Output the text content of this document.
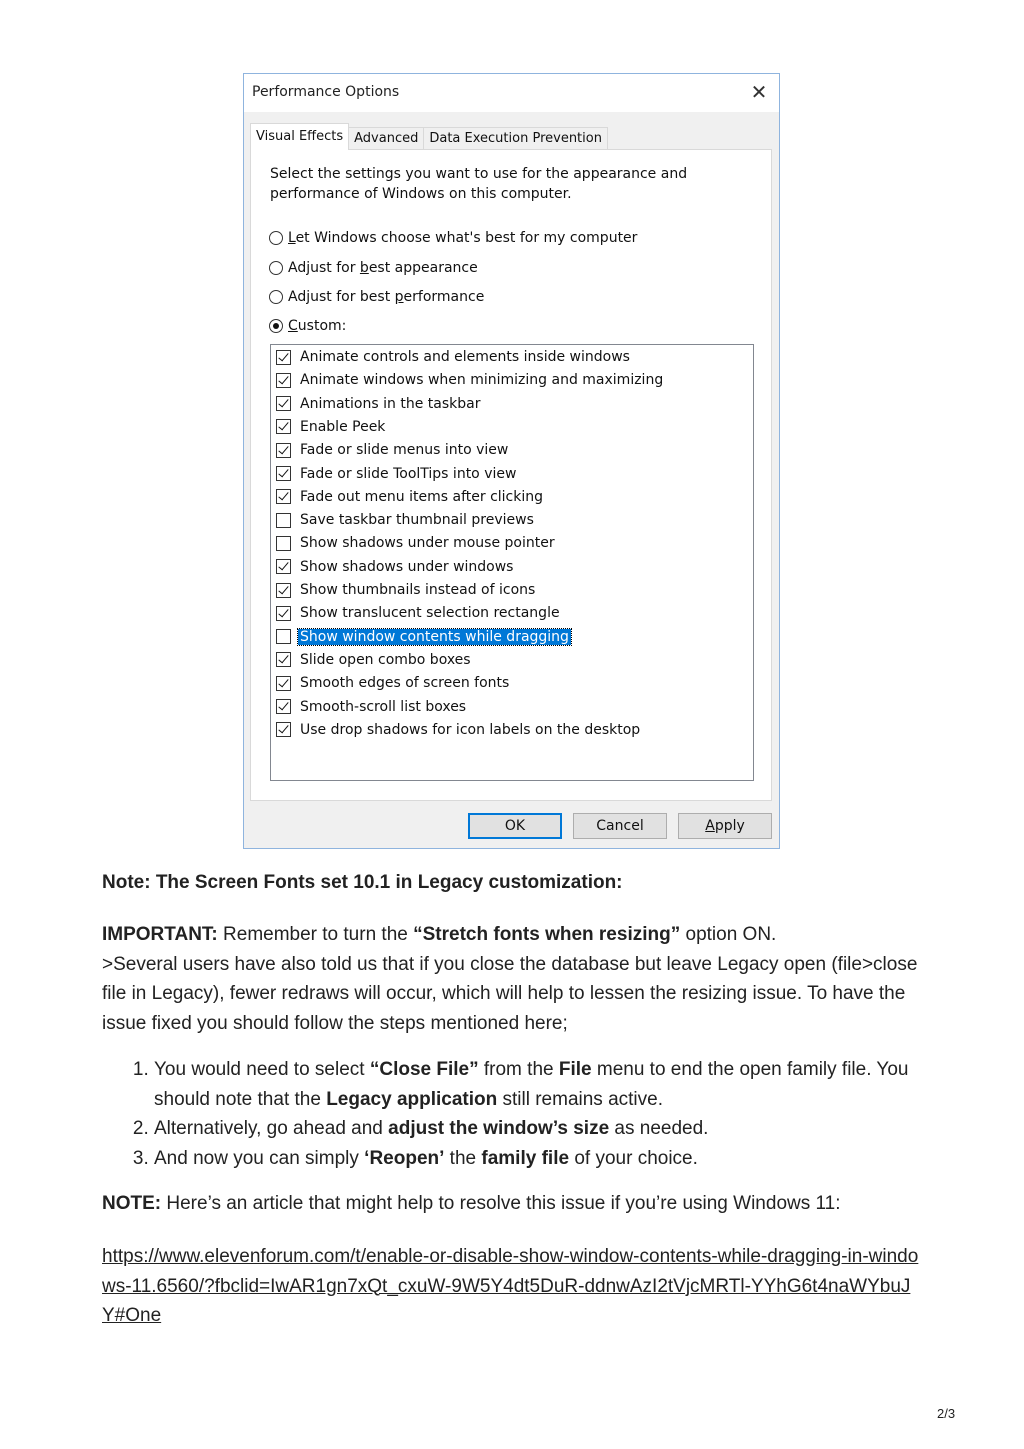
Performance Options	✕
Visual Effects Advanced Data Execution Prevention
Select the settings you want to use for the appearance and performance of Windows on this computer.
Let Windows choose what's best for my computer
Adjust for best appearance
Adjust for best performance
Custom:
Animate controls and elements inside windows
Animate windows when minimizing and maximizing
Animations in the taskbar
Enable Peek
Fade or slide menus into view
Fade or slide ToolTips into view
Fade out menu items after clicking
Save taskbar thumbnail previews
Show shadows under mouse pointer
Show shadows under windows
Show thumbnails instead of icons
Show translucent selection rectangle
Show window contents while dragging
Slide open combo boxes
Smooth edges of screen fonts
Smooth-scroll list boxes
Use drop shadows for icon labels on the desktop
OK	Cancel	Apply
Note: The Screen Fonts set 10.1 in Legacy customization:
IMPORTANT: Remember to turn the “Stretch fonts when resizing” option ON.
>Several users have also told us that if you close the database but leave Legacy open (file>close file in Legacy), fewer redraws will occur, which will help to lessen the resizing issue. To have the issue fixed you should follow the steps mentioned here;
1. You would need to select “Close File” from the File menu to end the open family file. You should note that the Legacy application still remains active.
2. Alternatively, go ahead and adjust the window’s size as needed.
3. And now you can simply ‘Reopen’ the family file of your choice.
NOTE: Here’s an article that might help to resolve this issue if you’re using Windows 11:
https://www.elevenforum.com/t/enable-or-disable-show-window-contents-while-dragging-in-windows-11.6560/?fbclid=IwAR1gn7xQt_cxuW-9W5Y4dt5DuR-ddnwAzI2tVjcMRTl-YYhG6t4naWYbuJY#One
2/3
